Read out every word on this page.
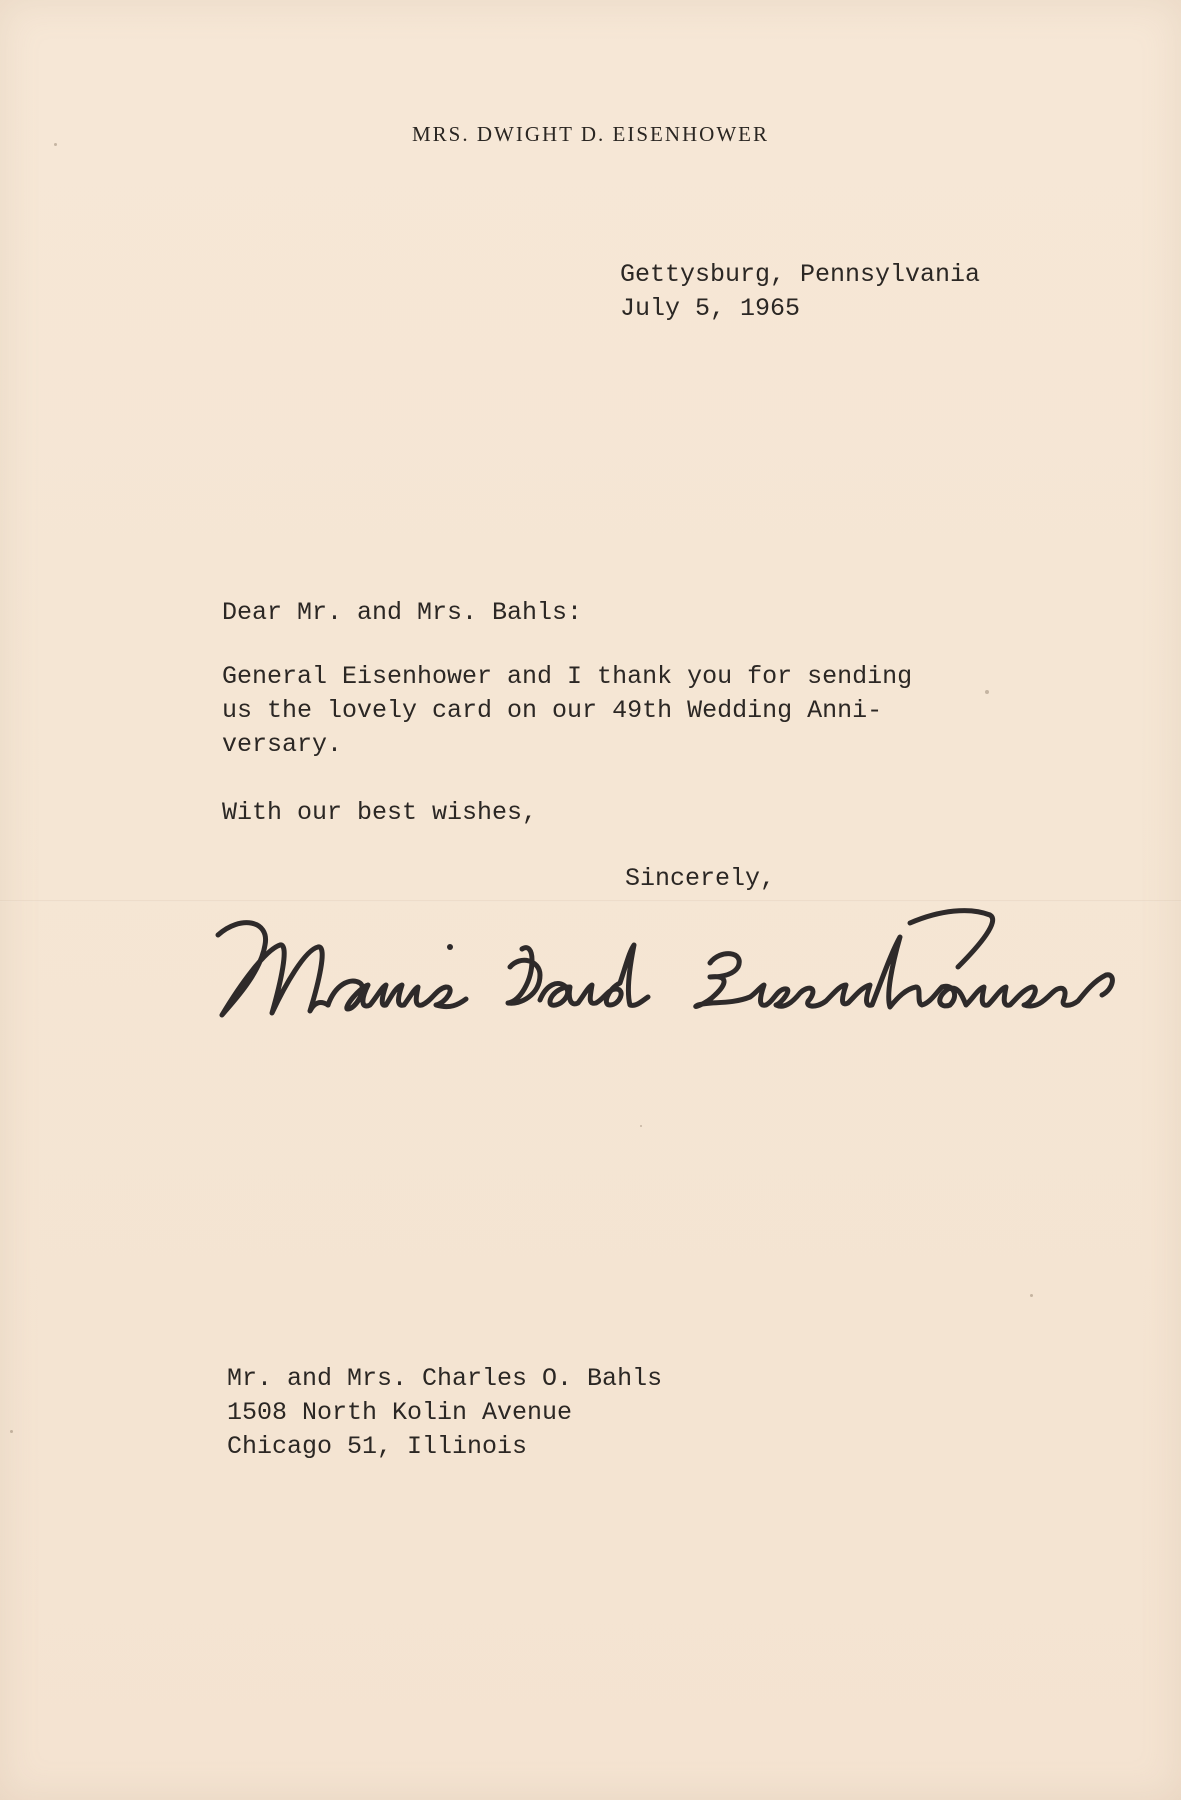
MRS. DWIGHT D. EISENHOWER
Gettysburg, Pennsylvania
July 5, 1965
Dear Mr. and Mrs. Bahls:
General Eisenhower and I thank you for sending
us the lovely card on our 49th Wedding Anni-
versary.
With our best wishes,
Sincerely,
Mr. and Mrs. Charles O. Bahls
1508 North Kolin Avenue
Chicago 51, Illinois
